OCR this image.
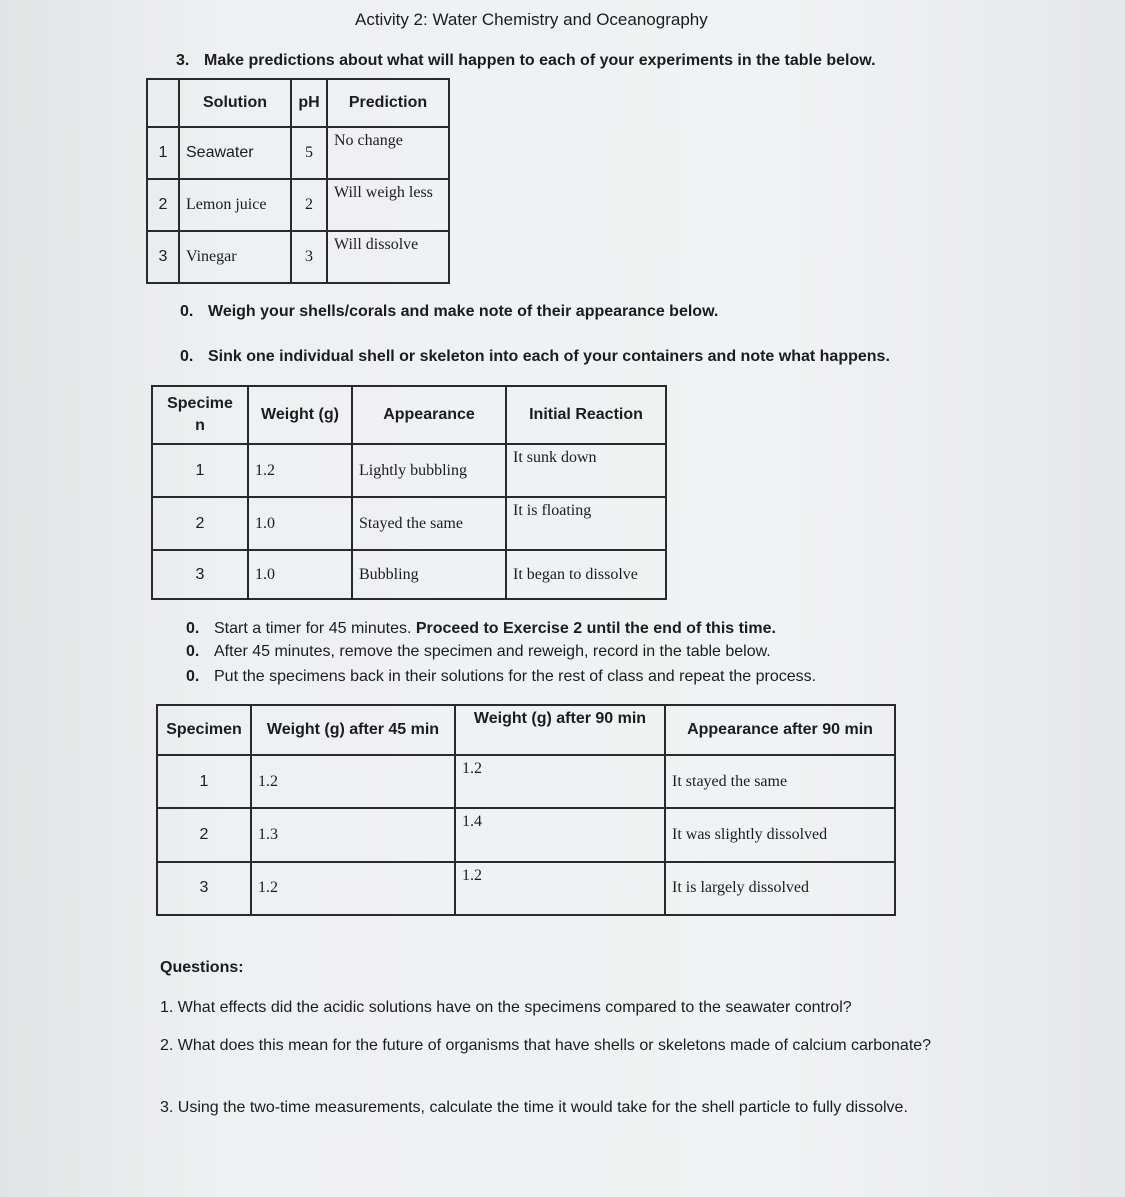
Activity 2: Water Chemistry and Oceanography
3. Make predictions about what will happen to each of your experiments in the table below.
	Solution	pH	Prediction
1	Seawater	5	No change
2	Lemon juice	2	Will weigh less
3	Vinegar	3	Will dissolve
0. Weigh your shells/corals and make note of their appearance below.
0. Sink one individual shell or skeleton into each of your containers and note what happens.
Specime
n	Weight (g)	Appearance	Initial Reaction
1	1.2	Lightly bubbling	It sunk down
2	1.0	Stayed the same	It is floating
3	1.0	Bubbling	It began to dissolve
0. Start a timer for 45 minutes. Proceed to Exercise 2 until the end of this time.
0. After 45 minutes, remove the specimen and reweigh, record in the table below.
0. Put the specimens back in their solutions for the rest of class and repeat the process.
Specimen	Weight (g) after 45 min	Weight (g) after 90 min	Appearance after 90 min
1	1.2	1.2	It stayed the same
2	1.3	1.4	It was slightly dissolved
3	1.2	1.2	It is largely dissolved
Questions:
1. What effects did the acidic solutions have on the specimens compared to the seawater control?
2. What does this mean for the future of organisms that have shells or skeletons made of calcium carbonate?
3. Using the two-time measurements, calculate the time it would take for the shell particle to fully dissolve.
